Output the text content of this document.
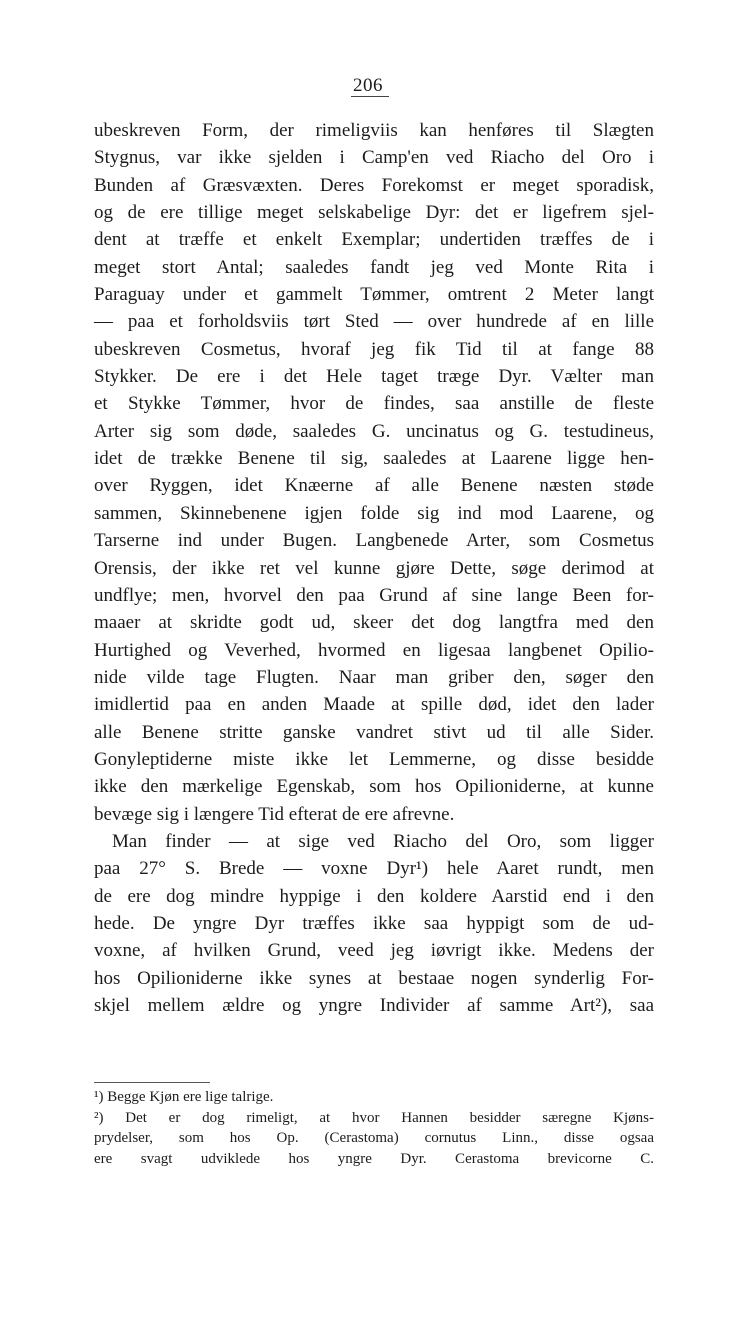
206
ubeskreven Form, der rimeligviis kan henføres til Slægten
Stygnus, var ikke sjelden i Camp'en ved Riacho del Oro i
Bunden af Græsvæxten. Deres Forekomst er meget sporadisk,
og de ere tillige meget selskabelige Dyr: det er ligefrem sjel-
dent at træffe et enkelt Exemplar; undertiden træffes de i
meget stort Antal; saaledes fandt jeg ved Monte Rita i
Paraguay under et gammelt Tømmer, omtrent 2 Meter langt
— paa et forholdsviis tørt Sted — over hundrede af en lille
ubeskreven Cosmetus, hvoraf jeg fik Tid til at fange 88
Stykker. De ere i det Hele taget træge Dyr. Vælter man
et Stykke Tømmer, hvor de findes, saa anstille de fleste
Arter sig som døde, saaledes G. uncinatus og G. testudineus,
idet de trække Benene til sig, saaledes at Laarene ligge hen-
over Ryggen, idet Knæerne af alle Benene næsten støde
sammen, Skinnebenene igjen folde sig ind mod Laarene, og
Tarserne ind under Bugen. Langbenede Arter, som Cosmetus
Orensis, der ikke ret vel kunne gjøre Dette, søge derimod at
undflye; men, hvorvel den paa Grund af sine lange Been for-
maaer at skridte godt ud, skeer det dog langtfra med den
Hurtighed og Veverhed, hvormed en ligesaa langbenet Opilio-
nide vilde tage Flugten. Naar man griber den, søger den
imidlertid paa en anden Maade at spille død, idet den lader
alle Benene stritte ganske vandret stivt ud til alle Sider.
Gonyleptiderne miste ikke let Lemmerne, og disse besidde
ikke den mærkelige Egenskab, som hos Opilioniderne, at kunne
bevæge sig i længere Tid efterat de ere afrevne.
Man finder — at sige ved Riacho del Oro, som ligger
paa 27° S. Brede — voxne Dyr¹) hele Aaret rundt, men
de ere dog mindre hyppige i den koldere Aarstid end i den
hede. De yngre Dyr træffes ikke saa hyppigt som de ud-
voxne, af hvilken Grund, veed jeg iøvrigt ikke. Medens der
hos Opilioniderne ikke synes at bestaae nogen synderlig For-
skjel mellem ældre og yngre Individer af samme Art²), saa
¹) Begge Kjøn ere lige talrige.
²) Det er dog rimeligt, at hvor Hannen besidder særegne Kjøns-
prydelser, som hos Op. (Cerastoma) cornutus Linn., disse ogsaa
ere svagt udviklede hos yngre Dyr. Cerastoma brevicorne C.
